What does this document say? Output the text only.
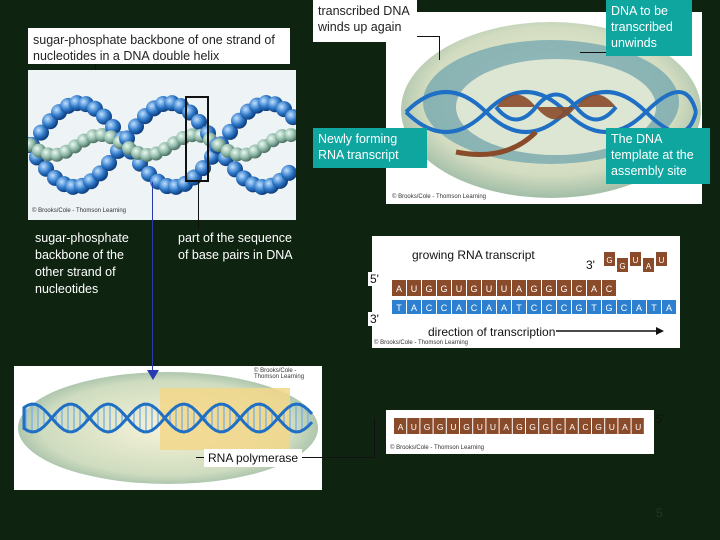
sugar-phosphate backbone of one strand of nucleotides in a DNA double helix
© Brooks/Cole - Thomson Learning
sugar-phosphate backbone of the other strand of nucleotides
part of the sequence of base pairs in DNA
© Brooks/Cole - Thomson Learning
transcribed DNA winds up again
DNA to be transcribed unwinds
Newly forming RNA transcript
The DNA template at the assembly site
A U G G U G U U A G G G C A C
T A C C A C A A T C C C G T G C A T A
G
G
U
A
U
© Brooks/Cole - Thomson Learning
growing RNA transcript
3'
5'
3'	5'
direction of transcription
A U G G U G U U A G G G C A C G U A U
© Brooks/Cole - Thomson Learning
5'
© Brooks/Cole - Thomson Learning
RNA polymerase
5
